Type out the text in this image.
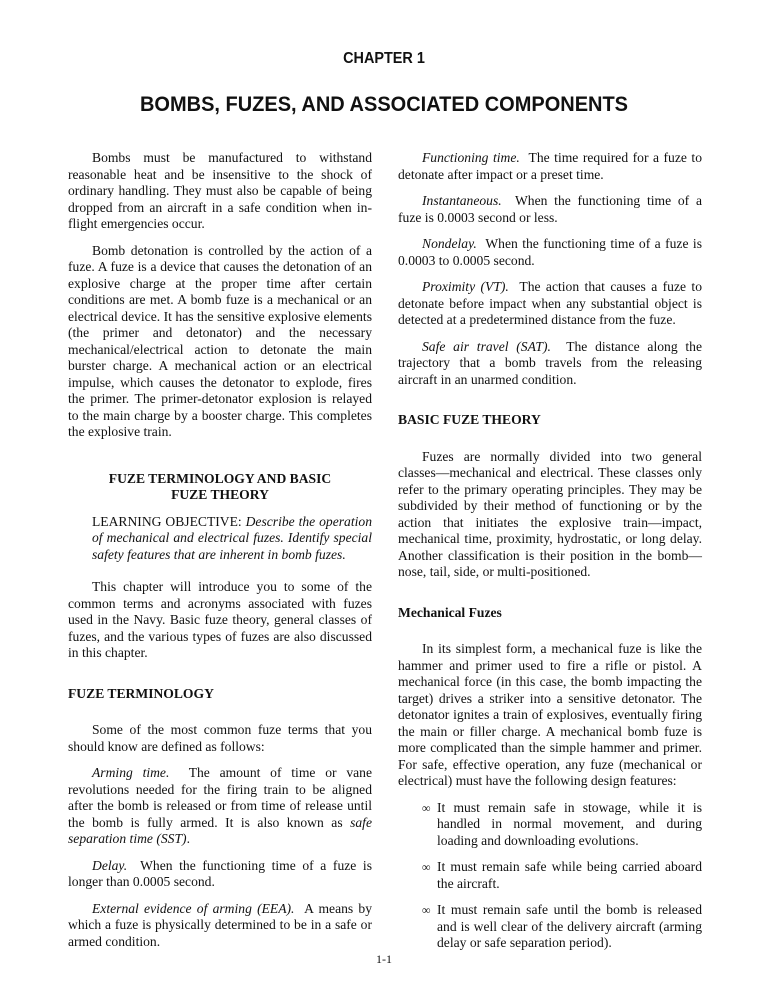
CHAPTER 1
BOMBS, FUZES, AND ASSOCIATED COMPONENTS

Bombs must be manufactured to withstand reasonable heat and be insensitive to the shock of ordinary handling. They must also be capable of being dropped from an aircraft in a safe condition when in-flight emergencies occur.

Bomb detonation is controlled by the action of a fuze. A fuze is a device that causes the detonation of an explosive charge at the proper time after certain conditions are met. A bomb fuze is a mechanical or an electrical device. It has the sensitive explosive elements (the primer and detonator) and the necessary mechanical/electrical action to detonate the main burster charge. A mechanical action or an electrical impulse, which causes the detonator to explode, fires the primer. The primer-detonator explosion is relayed to the main charge by a booster charge. This completes the explosive train.

FUZE TERMINOLOGY AND BASIC FUZE THEORY
LEARNING OBJECTIVE: Describe the operation of mechanical and electrical fuzes. Identify special safety features that are inherent in bomb fuzes.

This chapter will introduce you to some of the common terms and acronyms associated with fuzes used in the Navy. Basic fuze theory, general classes of fuzes, and the various types of fuzes are also discussed in this chapter.

FUZE TERMINOLOGY

Some of the most common fuze terms that you should know are defined as follows:

Arming time. The amount of time or vane revolutions needed for the firing train to be aligned after the bomb is released or from time of release until the bomb is fully armed. It is also known as safe separation time (SST).

Delay. When the functioning time of a fuze is longer than 0.0005 second.

External evidence of arming (EEA). A means by which a fuze is physically determined to be in a safe or armed condition.

Functioning time. The time required for a fuze to detonate after impact or a preset time.

Instantaneous. When the functioning time of a fuze is 0.0003 second or less.

Nondelay. When the functioning time of a fuze is 0.0003 to 0.0005 second.

Proximity (VT). The action that causes a fuze to detonate before impact when any substantial object is detected at a predetermined distance from the fuze.

Safe air travel (SAT). The distance along the trajectory that a bomb travels from the releasing aircraft in an unarmed condition.

BASIC FUZE THEORY

Fuzes are normally divided into two general classes—mechanical and electrical. These classes only refer to the primary operating principles. They may be subdivided by their method of functioning or by the action that initiates the explosive train—impact, mechanical time, proximity, hydrostatic, or long delay. Another classification is their position in the bomb—nose, tail, side, or multi-positioned.

Mechanical Fuzes

In its simplest form, a mechanical fuze is like the hammer and primer used to fire a rifle or pistol. A mechanical force (in this case, the bomb impacting the target) drives a striker into a sensitive detonator. The detonator ignites a train of explosives, eventually firing the main or filler charge. A mechanical bomb fuze is more complicated than the simple hammer and primer. For safe, effective operation, any fuze (mechanical or electrical) must have the following design features:

∞ It must remain safe in stowage, while it is handled in normal movement, and during loading and downloading evolutions.
∞ It must remain safe while being carried aboard the aircraft.
∞ It must remain safe until the bomb is released and is well clear of the delivery aircraft (arming delay or safe separation period).
1-1
